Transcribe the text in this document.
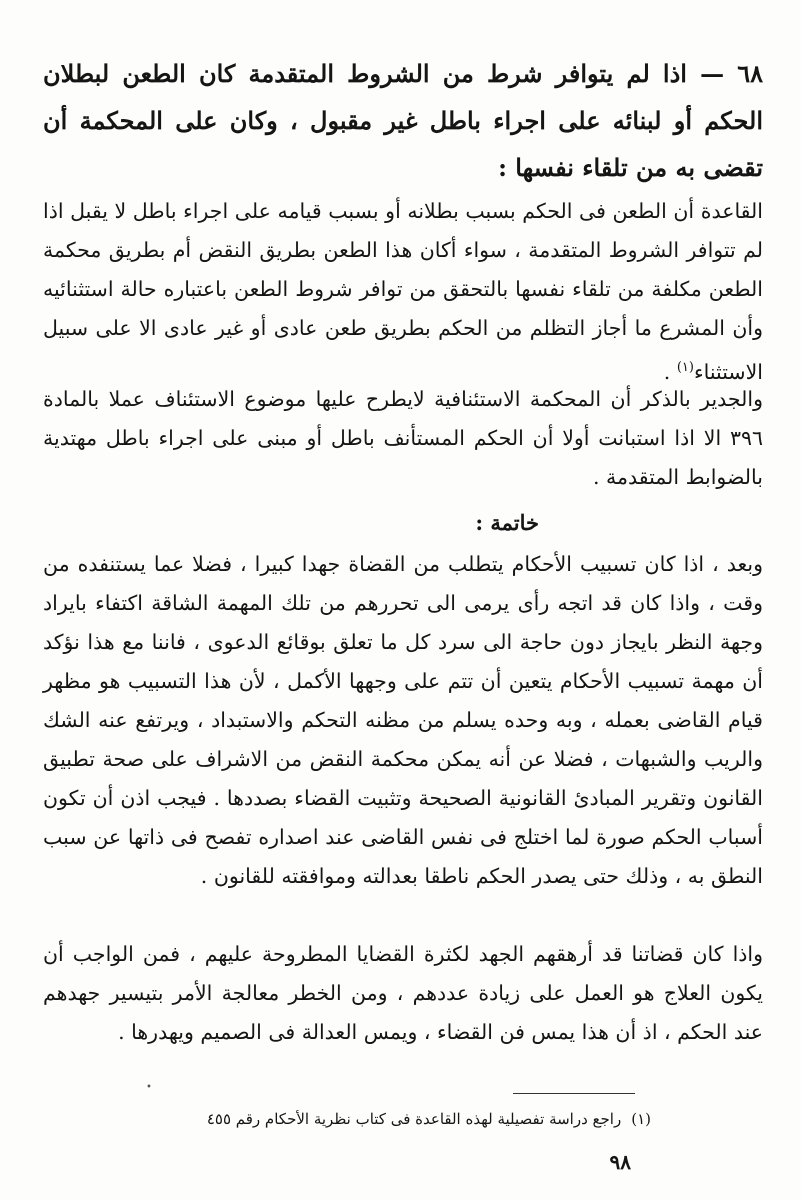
٦٨ — اذا لم يتوافر شرط من الشروط المتقدمة كان الطعن لبطلان الحكم أو لبنائه على اجراء باطل غير مقبول ، وكان على المحكمة أن تقضى به من تلقاء نفسها :

القاعدة أن الطعن فى الحكم بسبب بطلانه أو بسبب قيامه على اجراء باطل لا يقبل اذا لم تتوافر الشروط المتقدمة ، سواء أكان هذا الطعن بطريق النقض أم بطريق محكمة الطعن مكلفة من تلقاء نفسها بالتحقق من توافر شروط الطعن باعتباره حالة استثنائيه وأن المشرع ما أجاز التظلم من الحكم بطريق طعن عادى أو غير عادى الا على سبيل الاستثناء$^{(١)}$ .

والجدير بالذكر أن المحكمة الاستئنافية لايطرح عليها موضوع الاستئناف عملا بالمادة ٣٩٦ الا اذا استبانت أولا أن الحكم المستأنف باطل أو مبنى على اجراء باطل مهتدية بالضوابط المتقدمة .

خاتمة :

وبعد ، اذا كان تسبيب الأحكام يتطلب من القضاة جهدا كبيرا ، فضلا عما يستنفده من وقت ، واذا كان قد اتجه رأى يرمى الى تحررهم من تلك المهمة الشاقة اكتفاء بايراد وجهة النظر بايجاز دون حاجة الى سرد كل ما تعلق بوقائع الدعوى ، فاننا مع هذا نؤكد أن مهمة تسبيب الأحكام يتعين أن تتم على وجهها الأكمل ، لأن هذا التسبيب هو مظهر قيام القاضى بعمله ، وبه وحده يسلم من مظنه التحكم والاستبداد ، ويرتفع عنه الشك والريب والشبهات ، فضلا عن أنه يمكن محكمة النقض من الاشراف على صحة تطبيق القانون وتقرير المبادئ القانونية الصحيحة وتثبيت القضاء بصددها . فيجب اذن أن تكون أسباب الحكم صورة لما اختلج فى نفس القاضى عند اصداره تفصح فى ذاتها عن سبب النطق به ، وذلك حتى يصدر الحكم ناطقا بعدالته وموافقته للقانون .

واذا كان قضاتنا قد أرهقهم الجهد لكثرة القضايا المطروحة عليهم ، فمن الواجب أن يكون العلاج هو العمل على زيادة عددهم ، ومن الخطر معالجة الأمر بتيسير جهدهم عند الحكم ، اذ أن هذا يمس فن القضاء ، ويمس العدالة فى الصميم ويهدرها .

•

(١)راجع دراسة تفصيلية لهذه القاعدة فى كتاب نظرية الأحكام رقم ٤٥٥

٩٨
